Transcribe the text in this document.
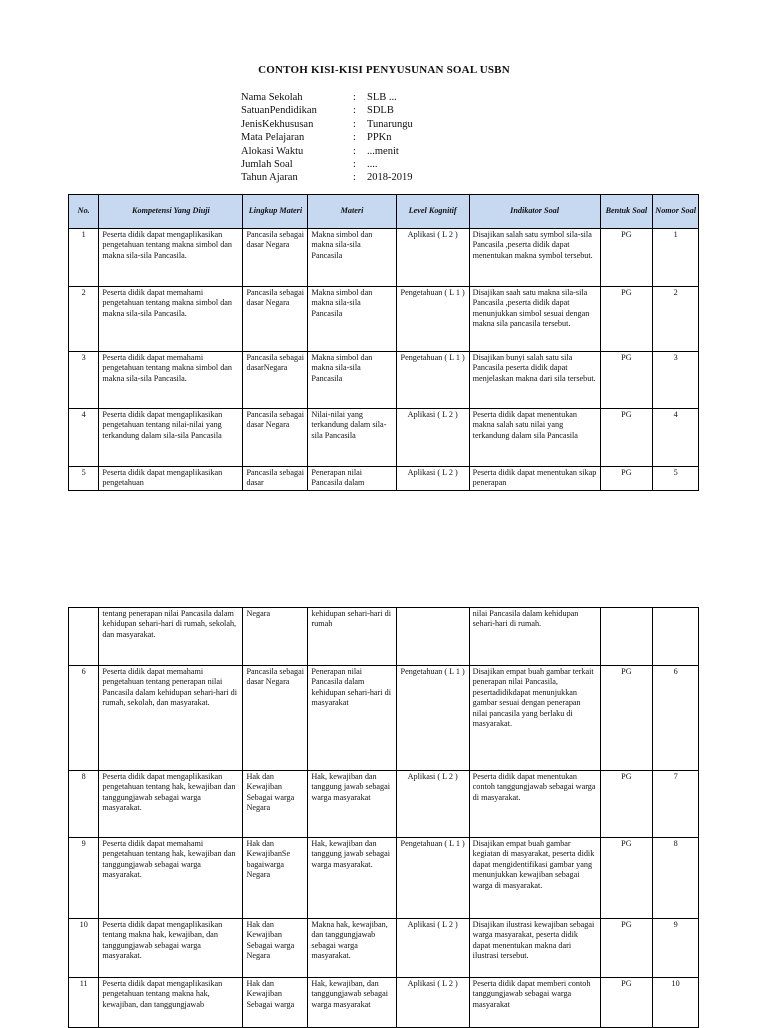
CONTOH KISI-KISI PENYUSUNAN SOAL USBN
Nama Sekolah	:	SLB ...
SatuanPendidikan	:	SDLB
JenisKekhususan	:	Tunarungu
Mata Pelajaran	:	PPKn
Alokasi Waktu	:	...menit
Jumlah Soal	:	....
Tahun Ajaran	:	2018-2019
No.	Kompetensi Yang Diuji	Lingkup Materi	Materi	Level Kognitif	Indikator Soal	Bentuk Soal	Nomor Soal
1	Peserta didik dapat mengaplikasikan pengetahuan tentang makna simbol dan makna sila-sila Pancasila.	Pancasila sebagai dasar Negara	Makna simbol dan makna sila-sila Pancasila	Aplikasi ( L 2 )	Disajikan salah satu symbol sila-sila Pancasila ,peserta didik dapat menentukan makna symbol tersebut.	PG	1
2	Peserta didik dapat memahami pengetahuan tentang makna simbol dan makna sila-sila Pancasila.	Pancasila sebagai dasar Negara	Makna simbol dan makna sila-sila Pancasila	Pengetahuan ( L 1 )	Disajikan saah satu makna sila-sila Pancasila ,peserta didik dapat menunjukkan simbol sesuai dengan makna sila pancasila tersebut.	PG	2
3	Peserta didik dapat memahami pengetahuan tentang makna simbol dan makna sila-sila Pancasila.	Pancasila sebagai dasarNegara	Makna simbol dan makna sila-sila Pancasila	Pengetahuan ( L 1 )	Disajikan bunyi salah satu sila Pancasila peserta didik dapat menjelaskan makna dari sila tersebut.	PG	3
4	Peserta didik dapat mengaplikasikan pengetahuan tentang nilai-nilai yang terkandung dalam sila-sila Pancasila	Pancasila sebagai dasar Negara	Nilai-nilai yang terkandung dalam sila-sila Pancasila	Aplikasi ( L 2 )	Peserta didik dapat menentukan makna salah satu nilai yang terkandung dalam sila Pancasila	PG	4
5	Peserta didik dapat mengaplikasikan pengetahuan	Pancasila sebagai dasar	Penerapan nilai Pancasila dalam	Aplikasi ( L 2 )	Peserta didik dapat menentukan sikap penerapan	PG	5
	tentang penerapan nilai Pancasila dalam kehidupan sehari-hari di rumah, sekolah, dan masyarakat.	Negara	kehidupan sehari-hari di rumah		nilai Pancasila dalam kehidupan sehari-hari di rumah.		
6	Peserta didik dapat memahami pengetahuan tentang penerapan nilai Pancasila dalam kehidupan sehari-hari di rumah, sekolah, dan masyarakat.	Pancasila sebagai dasar Negara	Penerapan nilai Pancasila dalam kehidupan sehari-hari di masyarakat	Pengetahuan ( L 1 )	Disajikan empat buah gambar terkait penerapan nilai Pancasila, pesertadidikdapat menunjukkan gambar sesuai dengan penerapan nilai pancasila yang berlaku di masyarakat.	PG	6
8	Peserta didik dapat mengaplikasikan pengetahuan tentang hak, kewajiban dan tanggungjawab sebagai warga masyarakat.	Hak dan Kewajiban Sebagai warga Negara	Hak, kewajiban dan tanggung jawab sebagai warga masyarakat	Aplikasi ( L 2 )	Peserta didik dapat menentukan contoh tanggungjawab sebagai warga di masyarakat.	PG	7
9	Peserta didik dapat memahami pengetahuan tentang hak, kewajiban dan tanggungjawab sebagai warga masyarakat.	Hak dan KewajibanSe bagaiwarga Negara	Hak, kewajiban dan tanggung jawab sebagai warga masyarakat.	Pengetahuan ( L 1 )	Disajikan empat buah gambar kegiatan di masyarakat, peserta didik dapat mengidentifikasi gambar yang menunjukkan kewajiban sebagai warga di masyarakat.	PG	8
10	Peserta didik dapat mengaplikasikan tentang makna hak, kewajiban, dan tanggungjawab sebagai warga masyarakat.	Hak dan Kewajiban Sebagai warga Negara	Makna hak, kewajiban, dan tanggungjawab sebagai warga masyarakat.	Aplikasi ( L 2 )	Disajikan ilustrasi kewajiban sebagai warga masyarakat, peserta didik dapat menentukan makna dari ilustrasi tersebut.	PG	9
11	Peserta didik dapat mengaplikasikan pengetahuan tentang makna hak, kewajiban, dan tanggungjawab	Hak dan Kewajiban Sebagai warga	Hak, kewajiban, dan tanggungjawab sebagai warga masyarakat	Aplikasi ( L 2 )	Peserta didik dapat memberi contoh tanggungjawab sebagai warga masyarakat	PG	10
